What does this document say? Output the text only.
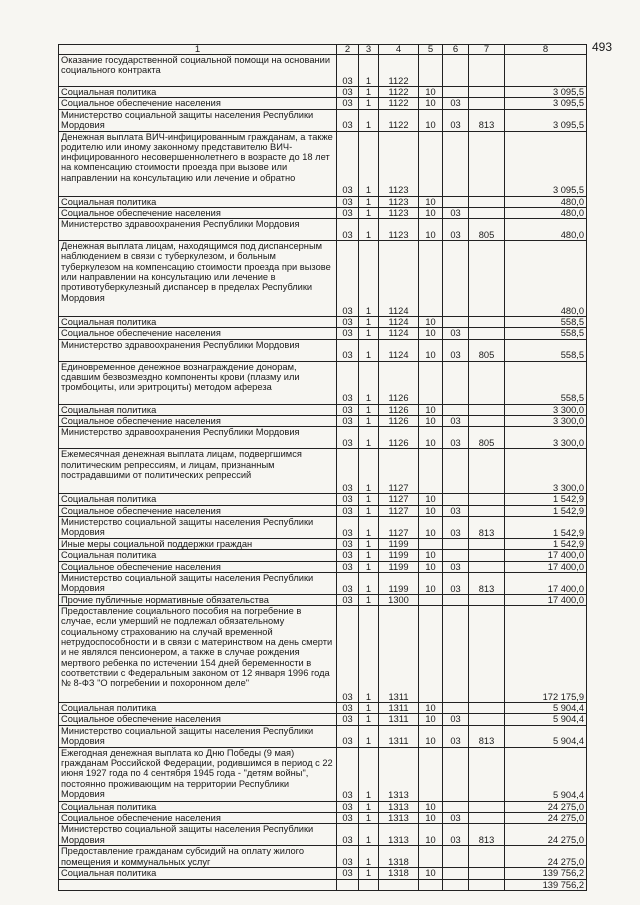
493
1	2	3	4	5	6	7	8
Оказание государственной социальной помощи на основании социального контракта	03	1	1122				
Социальная политика	03	1	1122	10			3 095,5
Социальное обеспечение населения	03	1	1122	10	03		3 095,5
Министерство социальной защиты населения Республики Мордовия	03	1	1122	10	03	813	3 095,5
Денежная выплата ВИЧ-инфицированным гражданам, а также родителю или иному законному представителю ВИЧ-инфицированного несовершеннолетнего в возрасте до 18 лет на компенсацию стоимости проезда при вызове или направлении на консультацию или лечение и обратно	03	1	1123				3 095,5
Социальная политика	03	1	1123	10			480,0
Социальное обеспечение населения	03	1	1123	10	03		480,0
Министерство здравоохранения Республики Мордовия	03	1	1123	10	03	805	480,0
Денежная выплата лицам, находящимся под диспансерным наблюдением в связи с туберкулезом, и больным туберкулезом на компенсацию стоимости проезда при вызове или направлении на консультацию или лечение в противотуберкулезный диспансер в пределах Республики Мордовия	03	1	1124				480,0
Социальная политика	03	1	1124	10			558,5
Социальное обеспечение населения	03	1	1124	10	03		558,5
Министерство здравоохранения Республики Мордовия	03	1	1124	10	03	805	558,5
Единовременное денежное вознаграждение донорам, сдавшим безвозмездно компоненты крови (плазму или тромбоциты, или эритроциты) методом афереза	03	1	1126				558,5
Социальная политика	03	1	1126	10			3 300,0
Социальное обеспечение населения	03	1	1126	10	03		3 300,0
Министерство здравоохранения Республики Мордовия	03	1	1126	10	03	805	3 300,0
Ежемесячная денежная выплата лицам, подвергшимся политическим репрессиям, и лицам, признанным пострадавшими от политических репрессий	03	1	1127				3 300,0
Социальная политика	03	1	1127	10			1 542,9
Социальное обеспечение населения	03	1	1127	10	03		1 542,9
Министерство социальной защиты населения Республики Мордовия	03	1	1127	10	03	813	1 542,9
Иные меры социальной поддержки граждан	03	1	1199				1 542,9
Социальная политика	03	1	1199	10			17 400,0
Социальное обеспечение населения	03	1	1199	10	03		17 400,0
Министерство социальной защиты населения Республики Мордовия	03	1	1199	10	03	813	17 400,0
Прочие публичные нормативные обязательства	03	1	1300				17 400,0
Предоставление социального пособия на погребение в случае, если умерший не подлежал обязательному социальному страхованию на случай временной нетрудоспособности и в связи с материнством на день смерти и не являлся пенсионером, а также в случае рождения мертвого ребенка по истечении 154 дней беременности в соответствии с Федеральным законом от 12 января 1996 года № 8-ФЗ "О погребении и похоронном деле"	03	1	1311				172 175,9
Социальная политика	03	1	1311	10			5 904,4
Социальное обеспечение населения	03	1	1311	10	03		5 904,4
Министерство социальной защиты населения Республики Мордовия	03	1	1311	10	03	813	5 904,4
Ежегодная денежная выплата ко Дню Победы (9 мая) гражданам Российской Федерации, родившимся в период с 22 июня 1927 года по 4 сентября 1945 года - "детям войны", постоянно проживающим на территории Республики Мордовия	03	1	1313				5 904,4
Социальная политика	03	1	1313	10			24 275,0
Социальное обеспечение населения	03	1	1313	10	03		24 275,0
Министерство социальной защиты населения Республики Мордовия	03	1	1313	10	03	813	24 275,0
Предоставление гражданам субсидий на оплату жилого помещения и коммунальных услуг	03	1	1318				24 275,0
Социальная политика	03	1	1318	10			139 756,2
							139 756,2
